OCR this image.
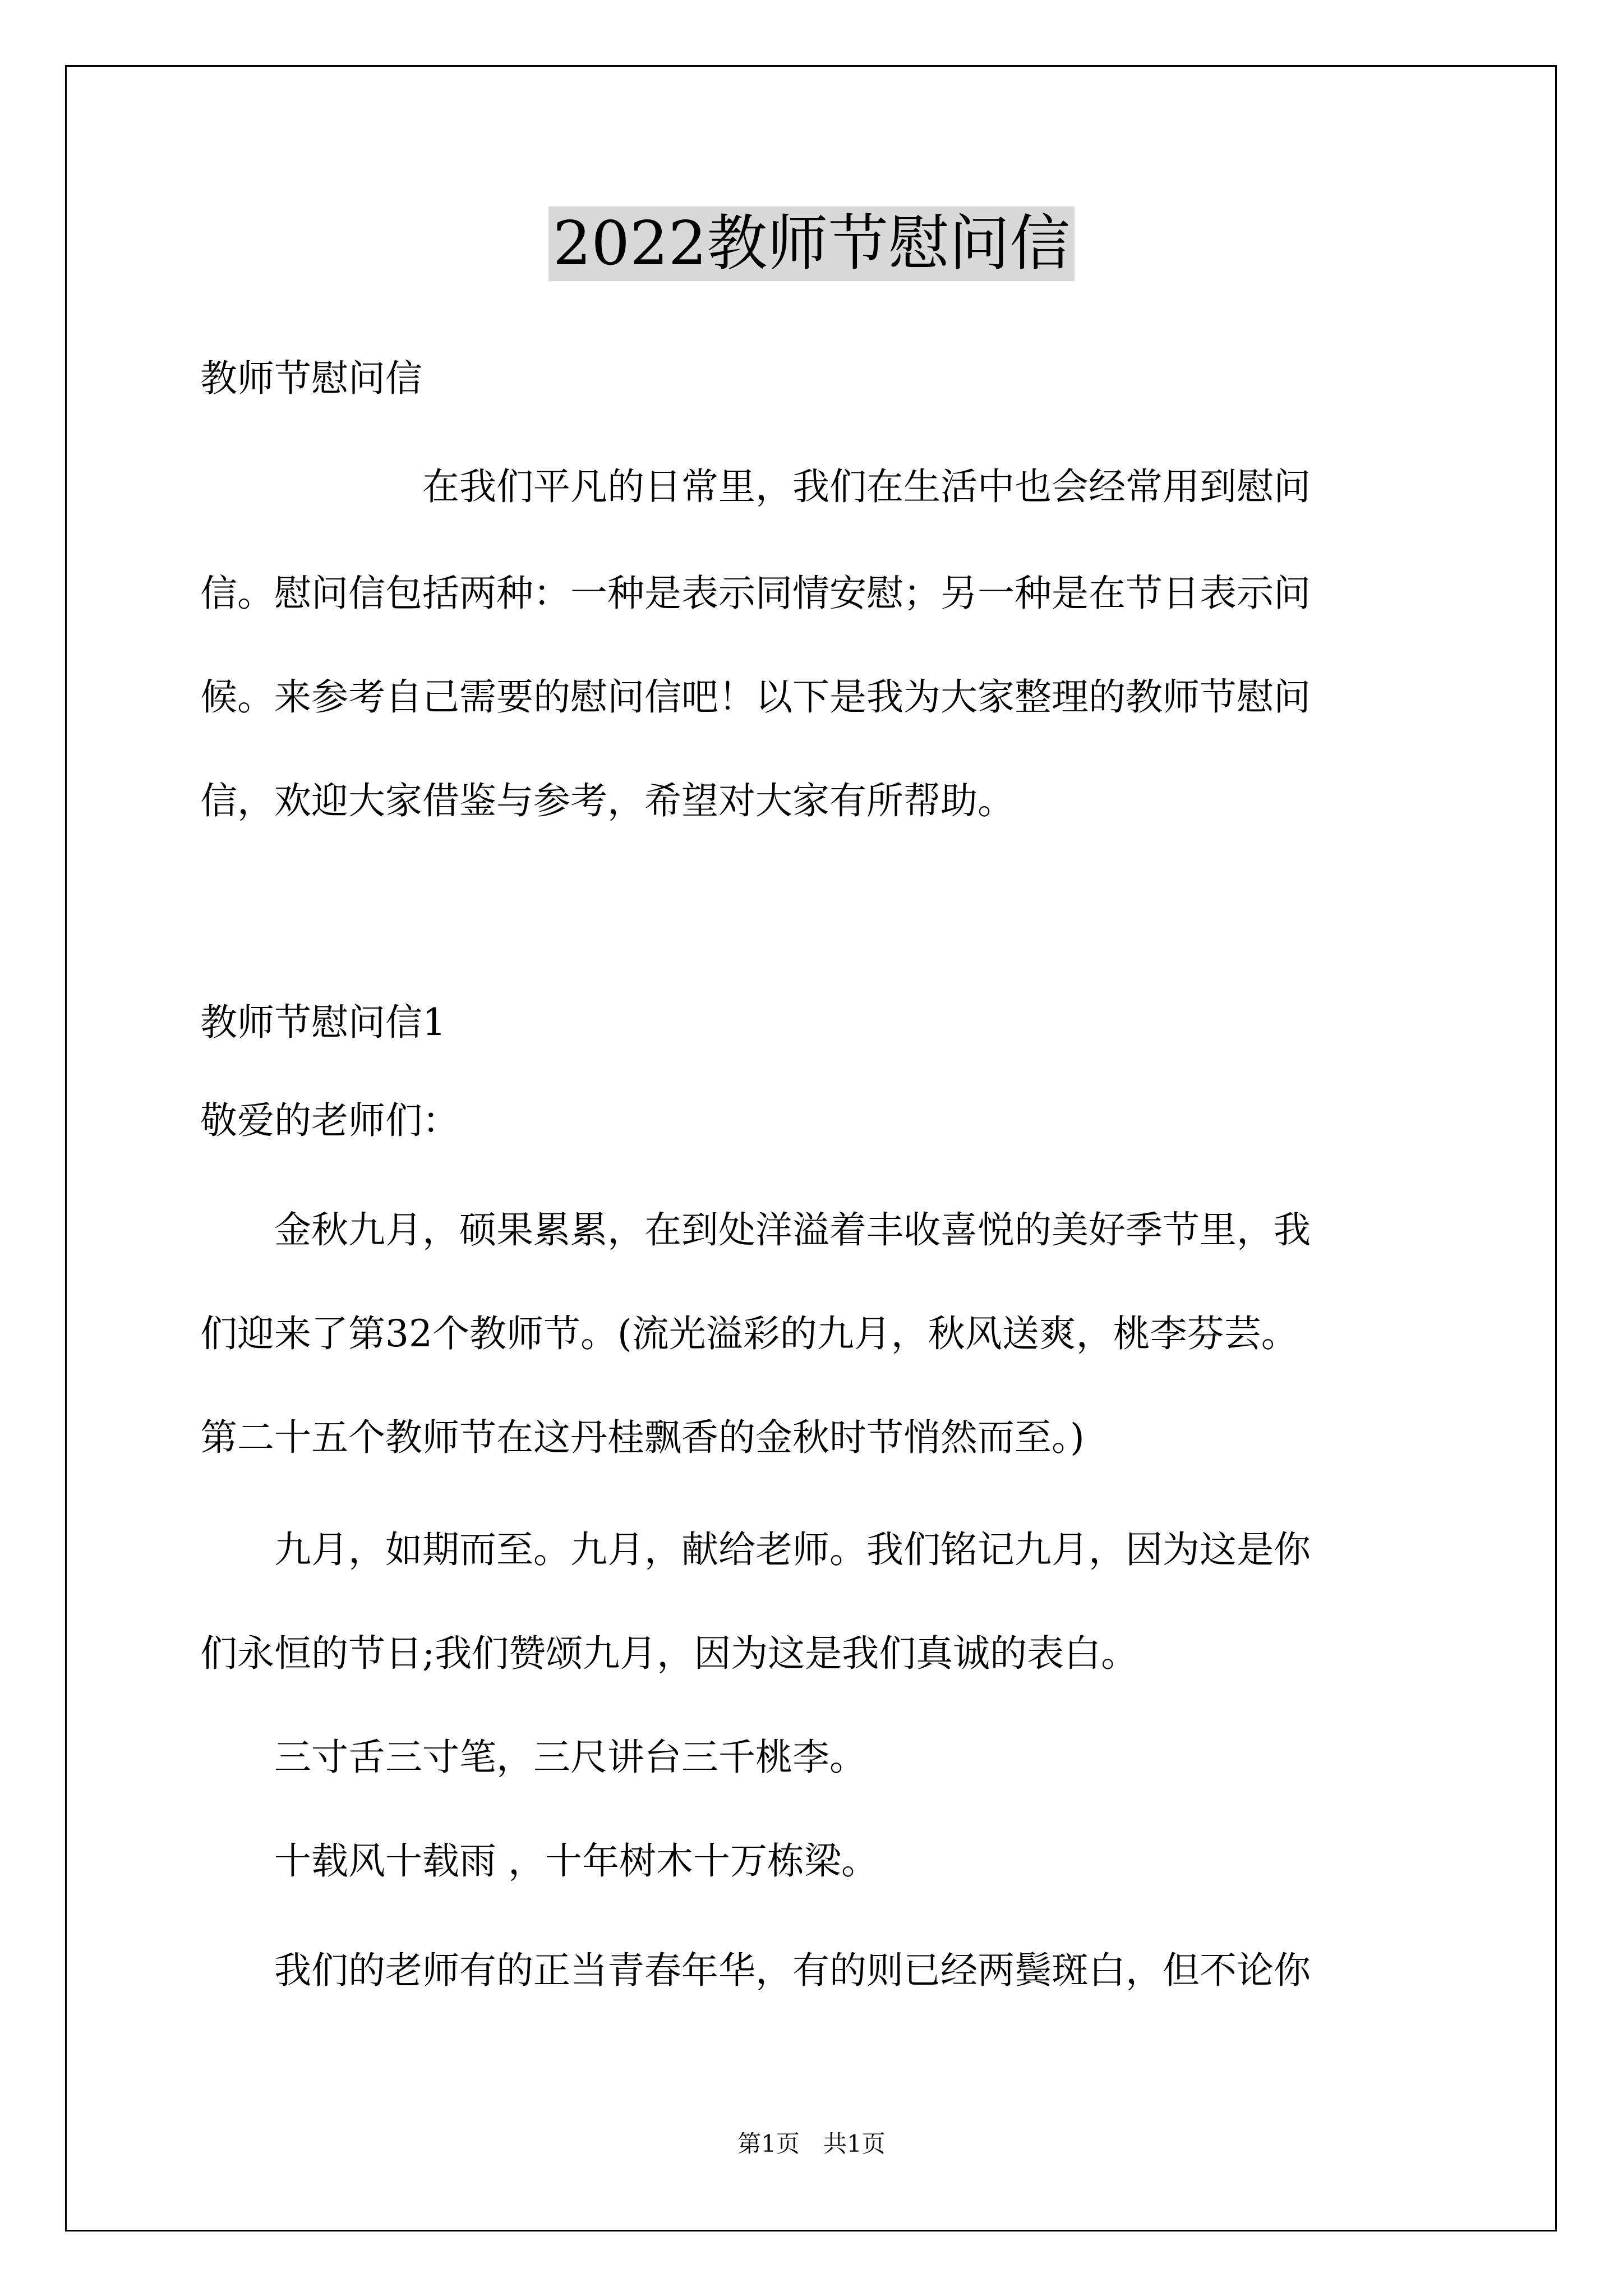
2022教师节慰问信

教师节慰问信

　　　　　　在我们平凡的日常里，我们在生活中也会经常用到慰问

信。慰问信包括两种：一种是表示同情安慰；另一种是在节日表示问

候。来参考自己需要的慰问信吧！以下是我为大家整理的教师节慰问

信，欢迎大家借鉴与参考，希望对大家有所帮助。

教师节慰问信1

敬爱的老师们：

　　金秋九月，硕果累累，在到处洋溢着丰收喜悦的美好季节里，我

们迎来了第32个教师节。(流光溢彩的九月，秋风送爽，桃李芬芸。

第二十五个教师节在这丹桂飘香的金秋时节悄然而至。)

　　九月，如期而至。九月，献给老师。我们铭记九月，因为这是你

们永恒的节日;我们赞颂九月，因为这是我们真诚的表白。

　　三寸舌三寸笔，三尺讲台三千桃李。

　　十载风十载雨 ，十年树木十万栋梁。

　　我们的老师有的正当青春年华，有的则已经两鬓斑白，但不论你

第1页　共1页
